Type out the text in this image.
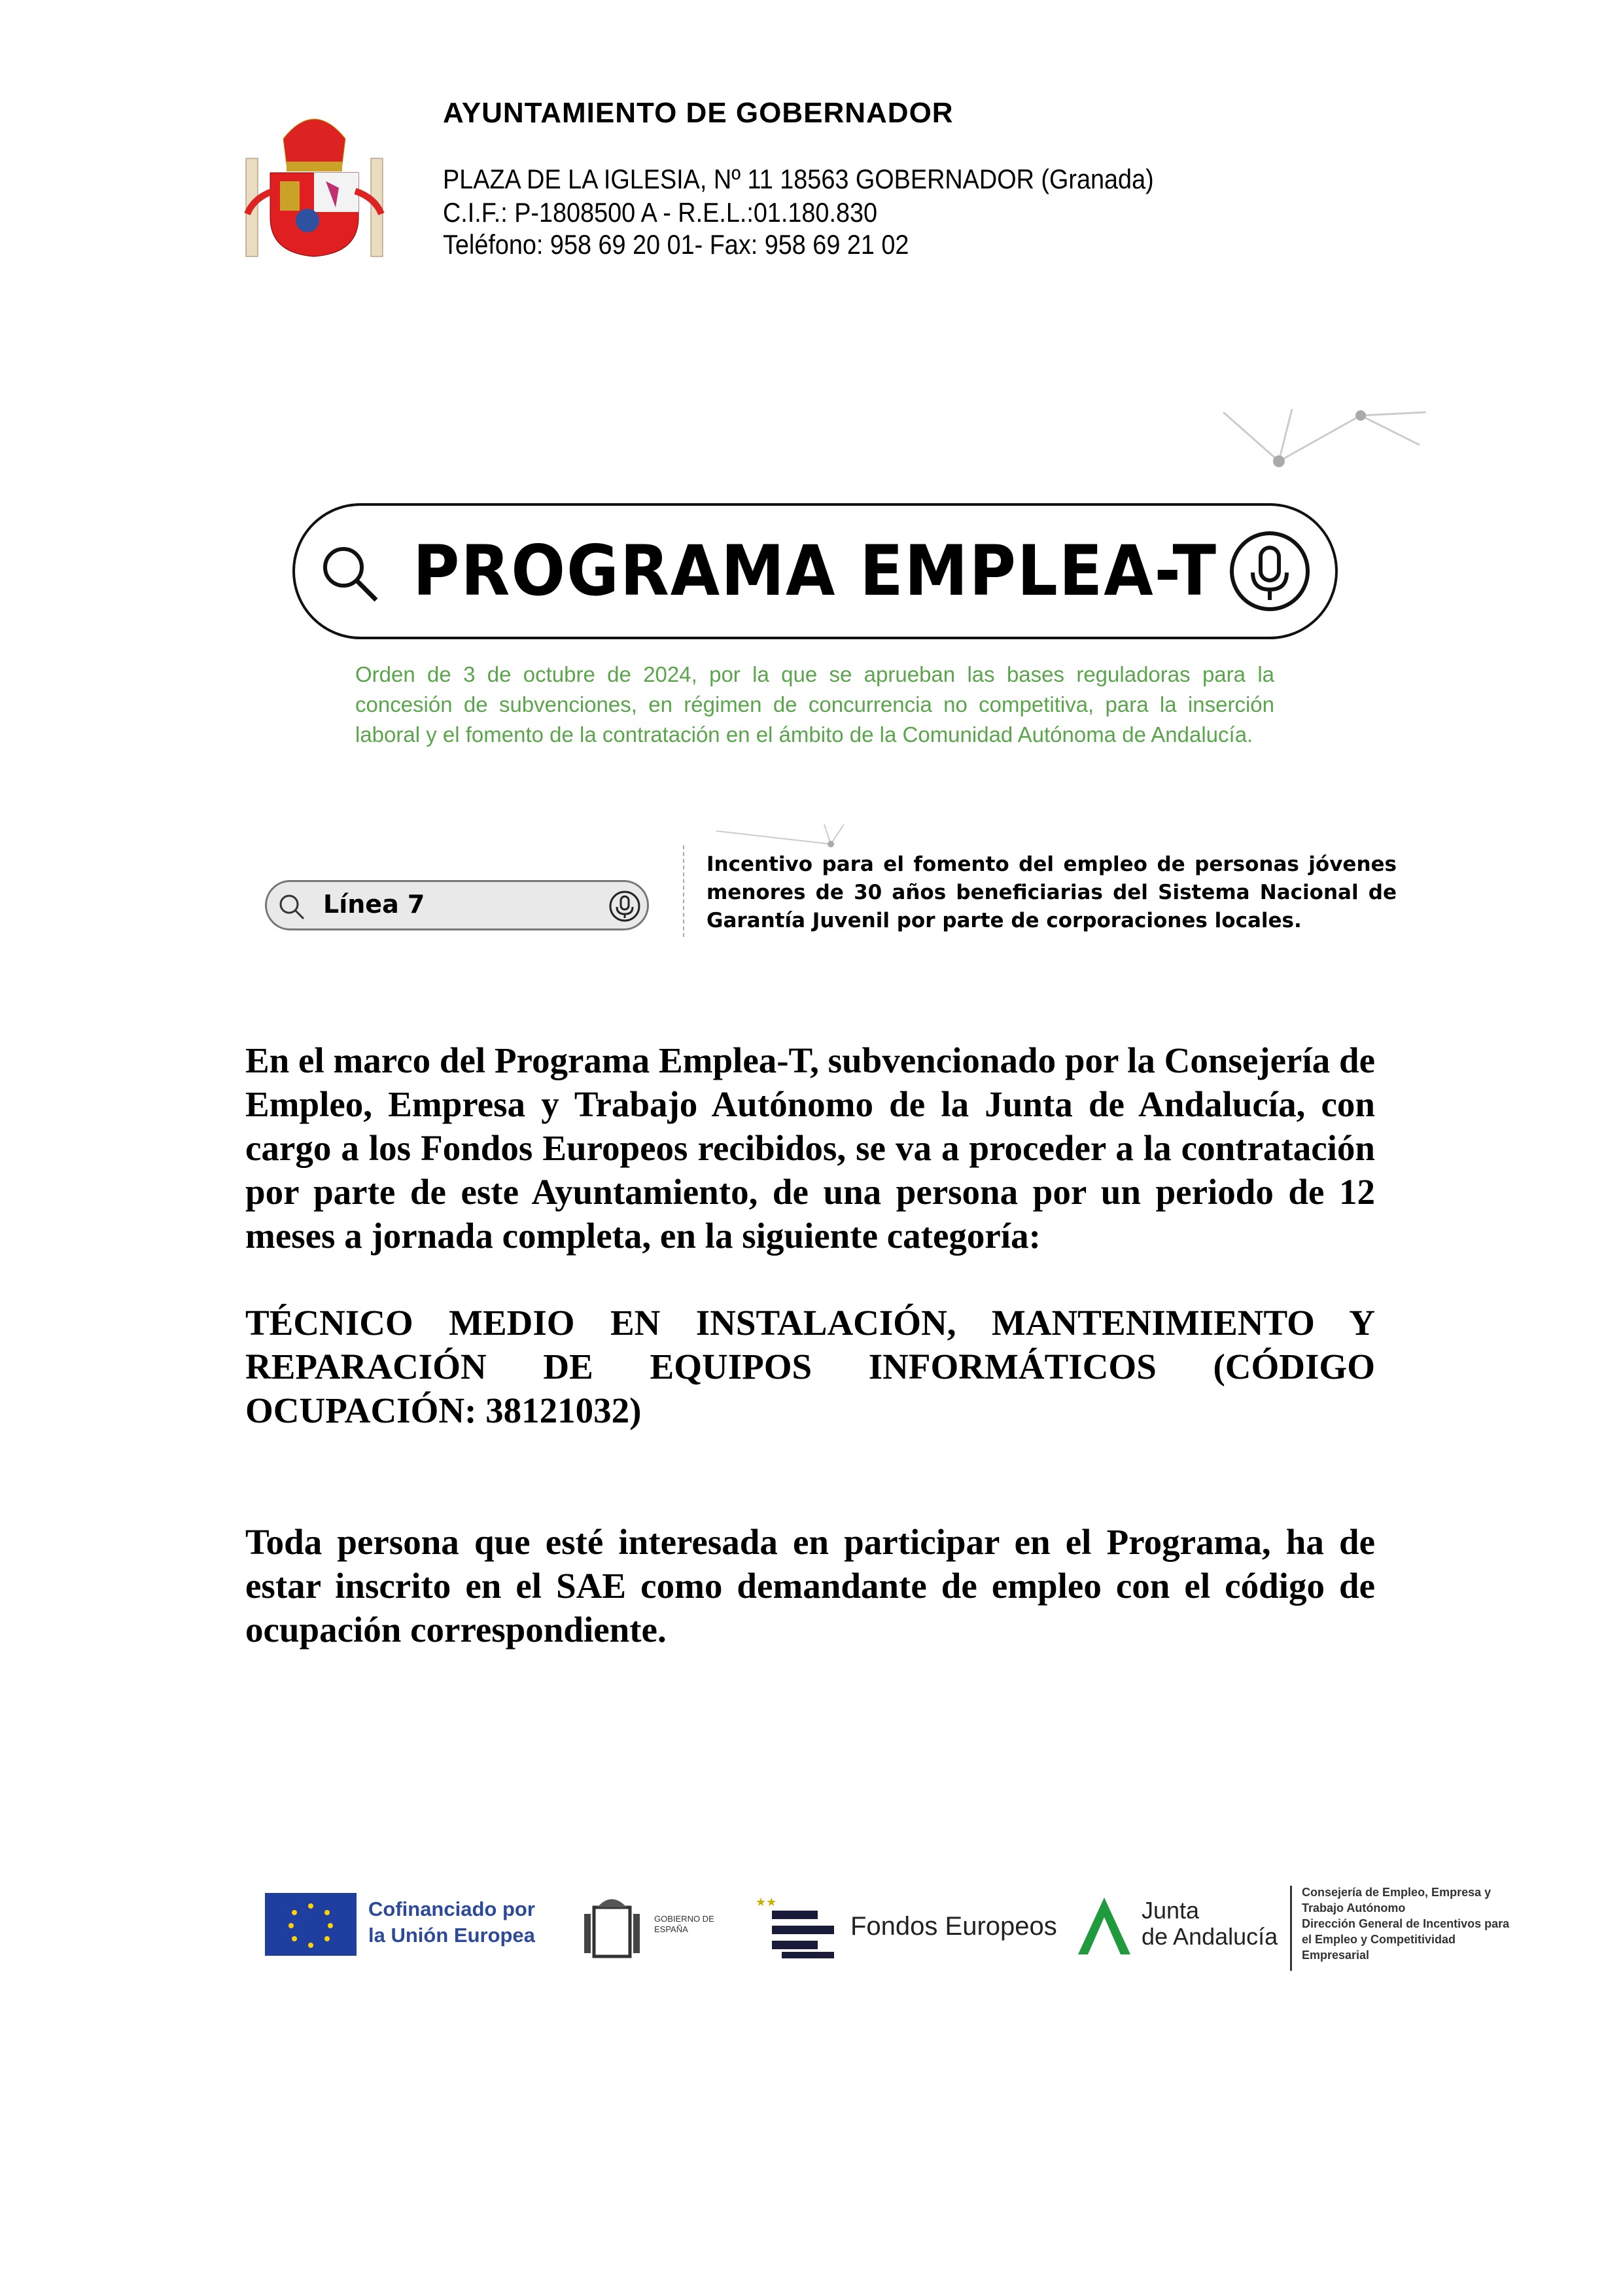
AYUNTAMIENTO DE GOBERNADOR
PLAZA DE LA IGLESIA, Nº 11 18563 GOBERNADOR (Granada)
C.I.F.: P-1808500 A - R.E.L.:01.180.830
Teléfono: 958 69 20 01- Fax: 958 69 21 02
PROGRAMA EMPLEA-T
Orden de 3 de octubre de 2024, por la que se aprueban las bases reguladoras para la concesión de subvenciones, en régimen de concurrencia no competitiva, para la inserción laboral y el fomento de la contratación en el ámbito de la Comunidad Autónoma de Andalucía.
Línea 7
Incentivo para el fomento del empleo de personas jóvenes menores de 30 años beneficiarias del Sistema Nacional de Garantía Juvenil por parte de corporaciones locales.
En el marco del Programa Emplea-T, subvencionado por la Consejería de Empleo, Empresa y Trabajo Autónomo de la Junta de Andalucía, con cargo a los Fondos Europeos recibidos, se va a proceder a la contratación por parte de este Ayuntamiento, de una persona por un periodo de 12 meses a jornada completa, en la siguiente categoría:
TÉCNICO MEDIO EN INSTALACIÓN, MANTENIMIENTO Y REPARACIÓN DE EQUIPOS INFORMÁTICOS (CÓDIGO OCUPACIÓN: 38121032)
Toda persona que esté interesada en participar en el Programa, ha de estar inscrito en el SAE como demandante de empleo con el código de ocupación correspondiente.
Cofinanciado por la Unión Europea
GOBIERNO DE ESPAÑA
★★
Fondos Europeos
Junta
de Andalucía
Consejería de Empleo, Empresa y Trabajo Autónomo
Dirección General de Incentivos para el Empleo y Competitividad Empresarial
